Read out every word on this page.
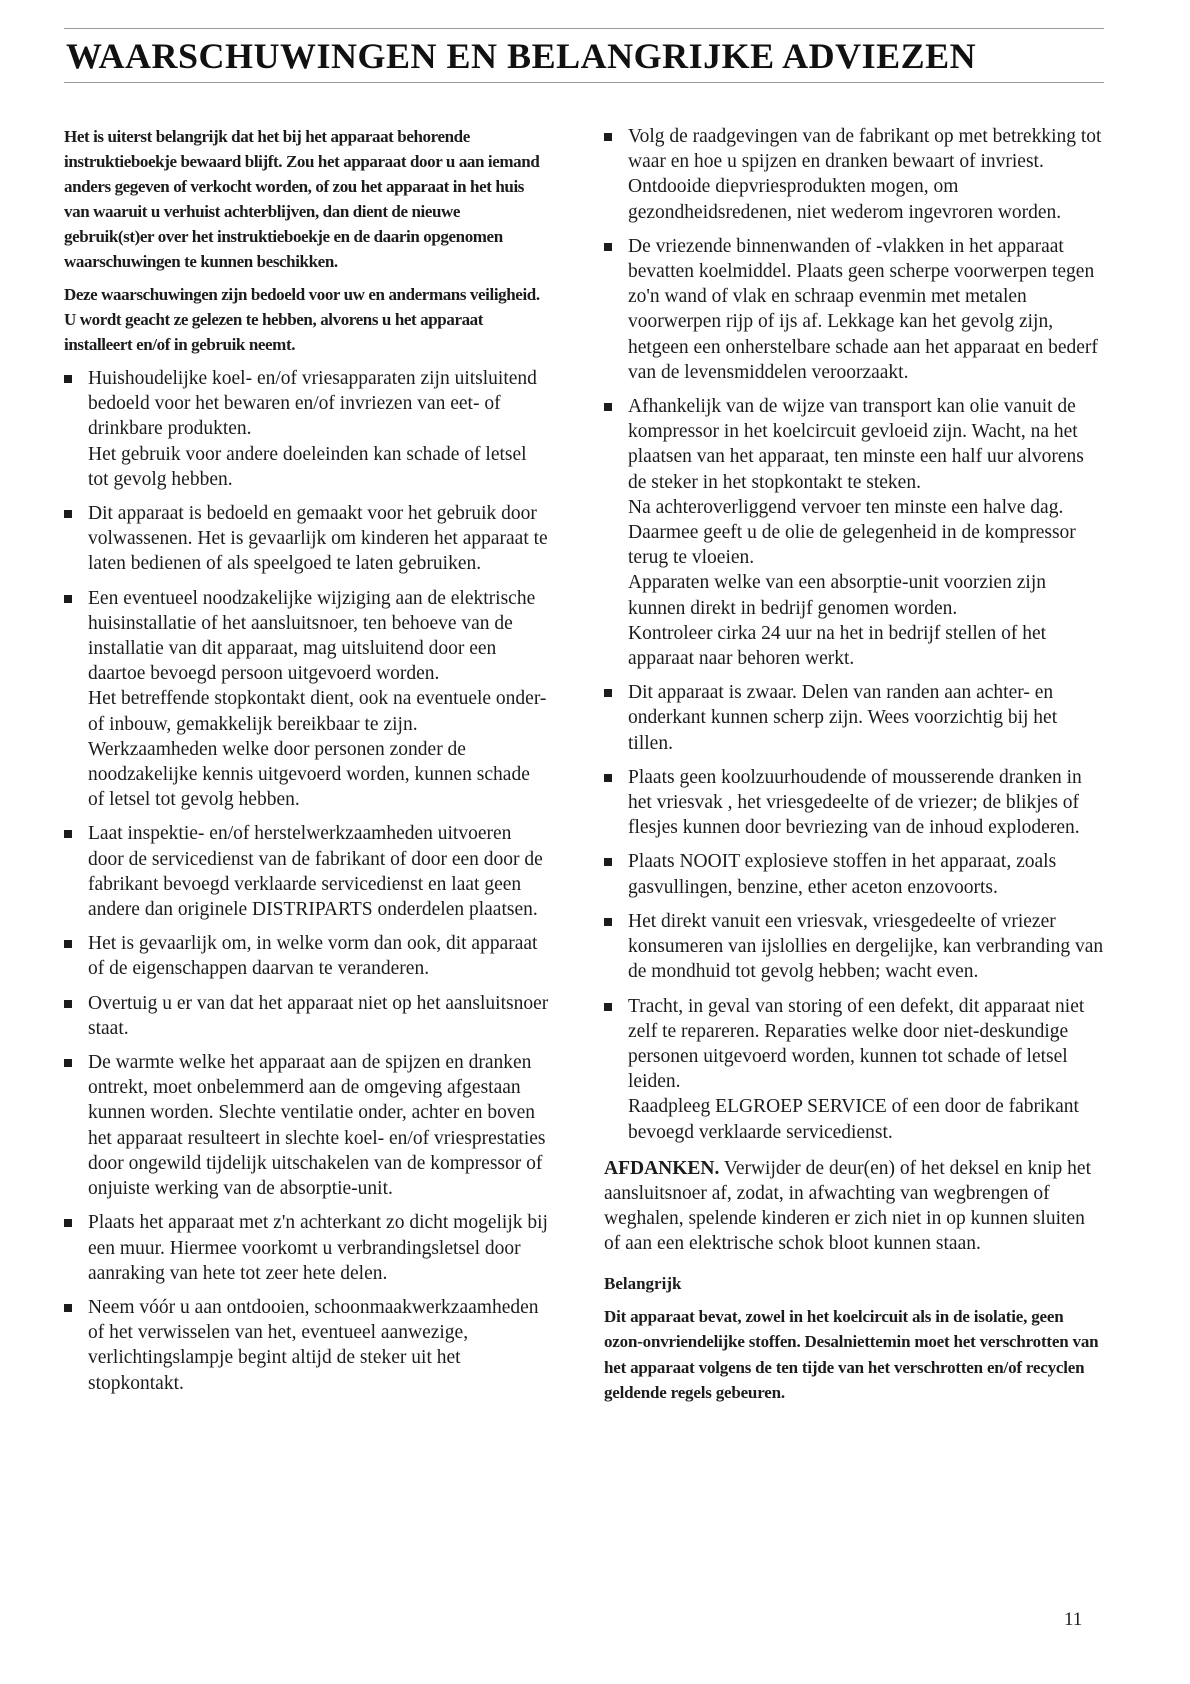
WAARSCHUWINGEN EN BELANGRIJKE ADVIEZEN

Het is uiterst belangrijk dat het bij het apparaat behorende instruktieboekje bewaard blijft. Zou het apparaat door u aan iemand anders gegeven of verkocht worden, of zou het apparaat in het huis van waaruit u verhuist achterblijven, dan dient de nieuwe gebruik(st)er over het instruktieboekje en de daarin opgenomen waarschuwingen te kunnen beschikken.

Deze waarschuwingen zijn bedoeld voor uw en andermans veiligheid. U wordt geacht ze gelezen te hebben, alvorens u het apparaat installeert en/of in gebruik neemt.

Huishoudelijke koel- en/of vriesapparaten zijn uitsluitend bedoeld voor het bewaren en/of invriezen van eet- of drinkbare produkten.

Het gebruik voor andere doeleinden kan schade of letsel tot gevolg hebben.

Dit apparaat is bedoeld en gemaakt voor het gebruik door volwassenen. Het is gevaarlijk om kinderen het apparaat te laten bedienen of als speelgoed te laten gebruiken.

Een eventueel noodzakelijke wijziging aan de elektrische huisinstallatie of het aansluitsnoer, ten behoeve van de installatie van dit apparaat, mag uitsluitend door een daartoe bevoegd persoon uitgevoerd worden.

Het betreffende stopkontakt dient, ook na eventuele onder- of inbouw, gemakkelijk bereikbaar te zijn.

Werkzaamheden welke door personen zonder de noodzakelijke kennis uitgevoerd worden, kunnen schade of letsel tot gevolg hebben.

Laat inspektie- en/of herstelwerkzaamheden uitvoeren door de servicedienst van de fabrikant of door een door de fabrikant bevoegd verklaarde servicedienst en laat geen andere dan originele DISTRIPARTS onderdelen plaatsen.

Het is gevaarlijk om, in welke vorm dan ook, dit apparaat of de eigenschappen daarvan te veranderen.

Overtuig u er van dat het apparaat niet op het aansluitsnoer staat.

De warmte welke het apparaat aan de spijzen en dranken ontrekt, moet onbelemmerd aan de omgeving afgestaan kunnen worden. Slechte ventilatie onder, achter en boven het apparaat resulteert in slechte koel- en/of vriesprestaties door ongewild tijdelijk uitschakelen van de kompressor of onjuiste werking van de absorptie-unit.

Plaats het apparaat met z'n achterkant zo dicht mogelijk bij een muur. Hiermee voorkomt u verbrandingsletsel door aanraking van hete tot zeer hete delen.

Neem vóór u aan ontdooien, schoonmaakwerkzaamheden of het verwisselen van het, eventueel aanwezige, verlichtingslampje begint altijd de steker uit het stopkontakt.

Volg de raadgevingen van de fabrikant op met betrekking tot waar en hoe u spijzen en dranken bewaart of invriest.

Ontdooide diepvriesprodukten mogen, om gezondheidsredenen, niet wederom ingevroren worden.

De vriezende binnenwanden of -vlakken in het apparaat bevatten koelmiddel. Plaats geen scherpe voorwerpen tegen zo'n wand of vlak en schraap evenmin met metalen voorwerpen rijp of ijs af. Lekkage kan het gevolg zijn, hetgeen een onherstelbare schade aan het apparaat en bederf van de levensmiddelen veroorzaakt.

Afhankelijk van de wijze van transport kan olie vanuit de kompressor in het koelcircuit gevloeid zijn. Wacht, na het plaatsen van het apparaat, ten minste een half uur alvorens de steker in het stopkontakt te steken.

Na achteroverliggend vervoer ten minste een halve dag. Daarmee geeft u de olie de gelegenheid in de kompressor terug te vloeien.

Apparaten welke van een absorptie-unit voorzien zijn kunnen direkt in bedrijf genomen worden.

Kontroleer cirka 24 uur na het in bedrijf stellen of het apparaat naar behoren werkt.

Dit apparaat is zwaar. Delen van randen aan achter- en onderkant kunnen scherp zijn. Wees voorzichtig bij het tillen.

Plaats geen koolzuurhoudende of mousserende dranken in het vriesvak , het vriesgedeelte of de vriezer; de blikjes of flesjes kunnen door bevriezing van de inhoud exploderen.

Plaats NOOIT explosieve stoffen in het apparaat, zoals gasvullingen, benzine, ether aceton enzovoorts.

Het direkt vanuit een vriesvak, vriesgedeelte of vriezer konsumeren van ijslollies en dergelijke, kan verbranding van de mondhuid tot gevolg hebben; wacht even.

Tracht, in geval van storing of een defekt, dit apparaat niet zelf te repareren. Reparaties welke door niet-deskundige personen uitgevoerd worden, kunnen tot schade of letsel leiden.

Raadpleeg ELGROEP SERVICE of een door de fabrikant bevoegd verklaarde servicedienst.

AFDANKEN. Verwijder de deur(en) of het deksel en knip het aansluitsnoer af, zodat, in afwachting van wegbrengen of weghalen, spelende kinderen er zich niet in op kunnen sluiten of aan een elektrische schok bloot kunnen staan.

Belangrijk

Dit apparaat bevat, zowel in het koelcircuit als in de isolatie, geen ozon-onvriendelijke stoffen. Desalniettemin moet het verschrotten van het apparaat volgens de ten tijde van het verschrotten en/of recyclen geldende regels gebeuren.

11
